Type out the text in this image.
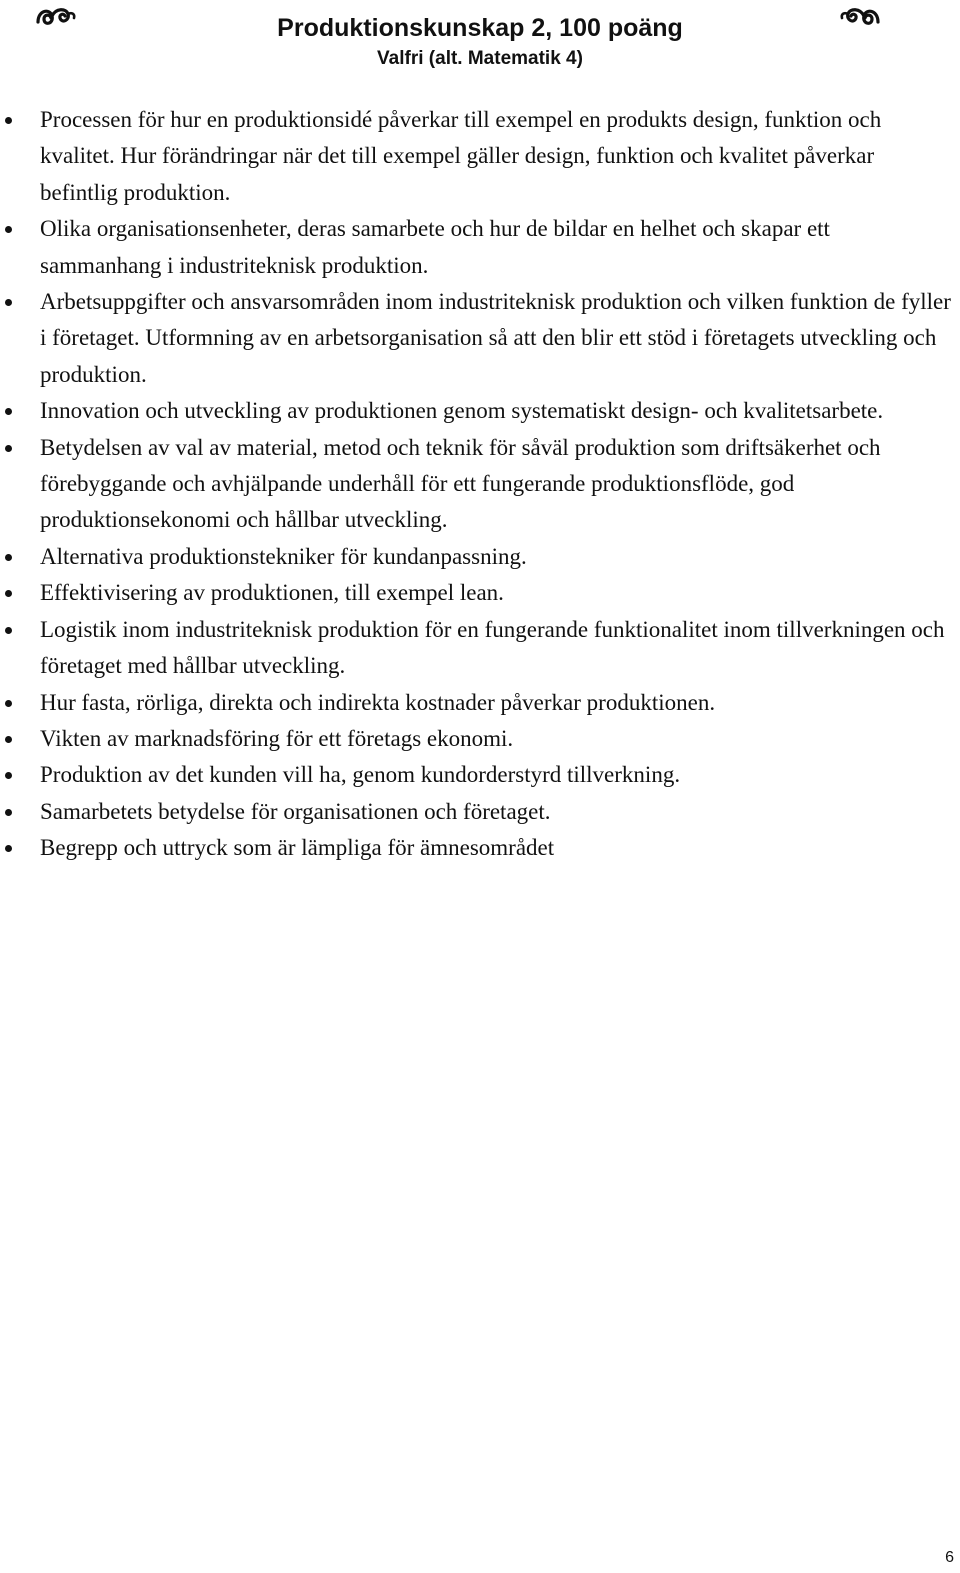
Produktionskunskap 2, 100 poäng
Valfri (alt. Matematik 4)
Processen för hur en produktionsidé påverkar till exempel en produkts design, funktion och kvalitet. Hur förändringar när det till exempel gäller design, funktion och kvalitet påverkar befintlig produktion.
Olika organisationsenheter, deras samarbete och hur de bildar en helhet och skapar ett sammanhang i industriteknisk produktion.
Arbetsuppgifter och ansvarsområden inom industriteknisk produktion och vilken funktion de fyller i företaget. Utformning av en arbetsorganisation så att den blir ett stöd i företagets utveckling och produktion.
Innovation och utveckling av produktionen genom systematiskt design- och kvalitetsarbete.
Betydelsen av val av material, metod och teknik för såväl produktion som driftsäkerhet och förebyggande och avhjälpande underhåll för ett fungerande produktionsflöde, god produktionsekonomi och hållbar utveckling.
Alternativa produktionstekniker för kundanpassning.
Effektivisering av produktionen, till exempel lean.
Logistik inom industriteknisk produktion för en fungerande funktionalitet inom tillverkningen och företaget med hållbar utveckling.
Hur fasta, rörliga, direkta och indirekta kostnader påverkar produktionen.
Vikten av marknadsföring för ett företags ekonomi.
Produktion av det kunden vill ha, genom kundorderstyrd tillverkning.
Samarbetets betydelse för organisationen och företaget.
Begrepp och uttryck som är lämpliga för ämnesområdet
6
